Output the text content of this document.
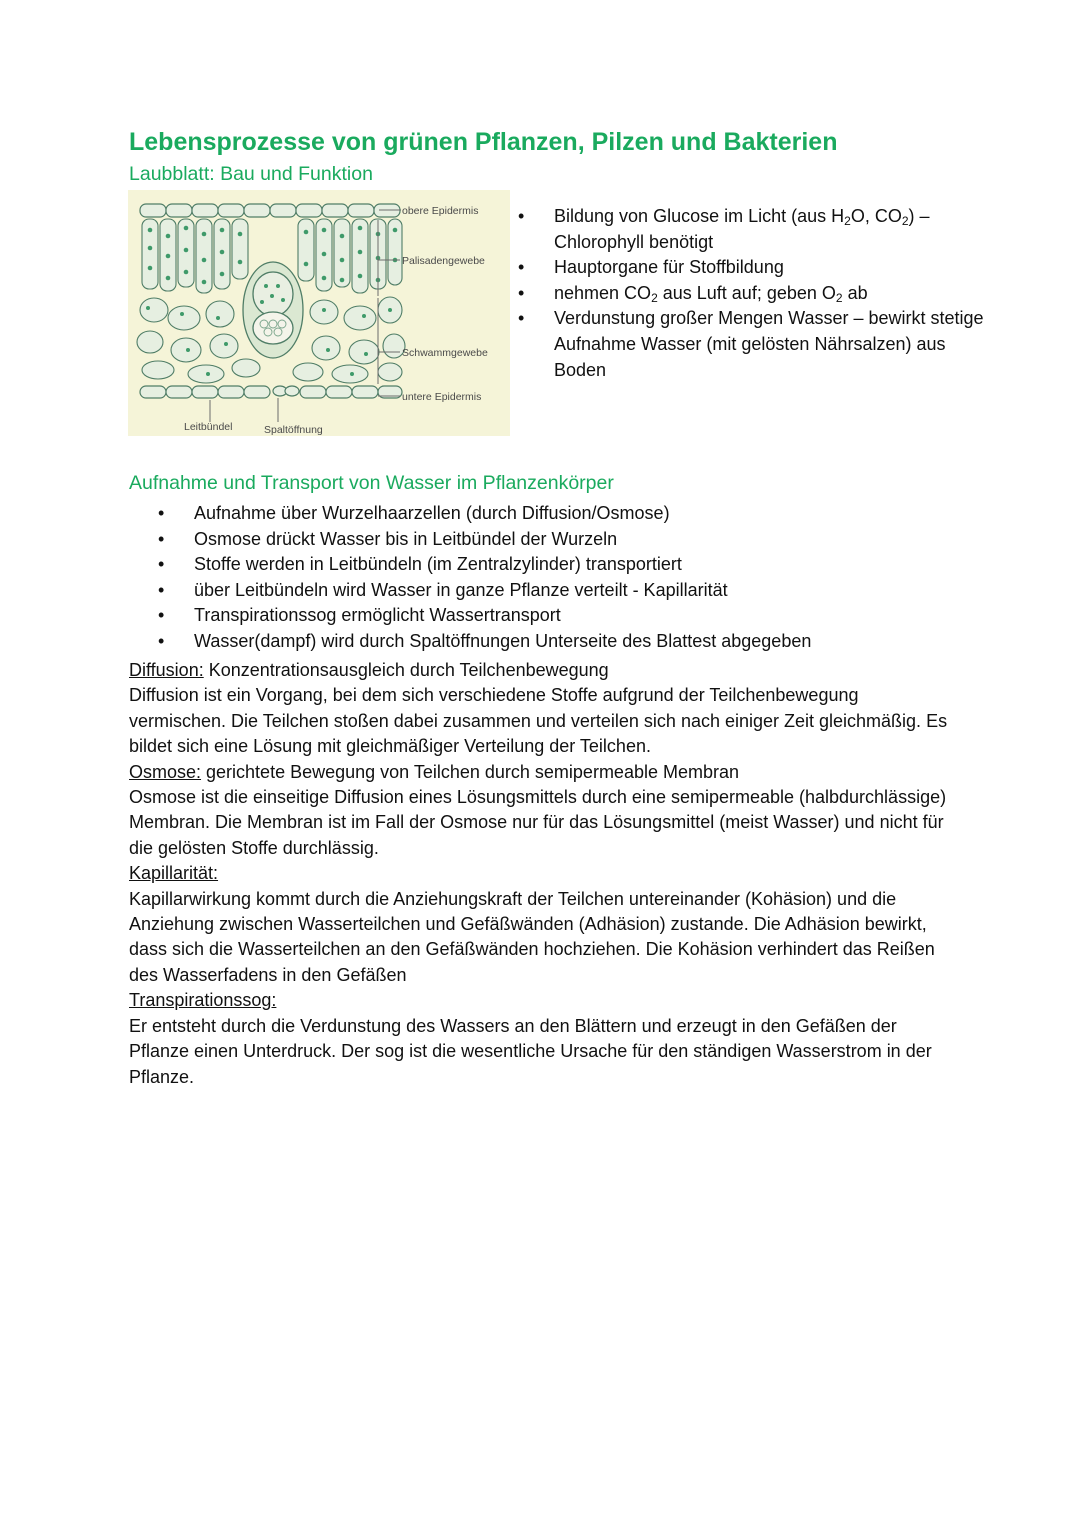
Lebensprozesse von grünen Pflanzen, Pilzen und Bakterien
Laubblatt: Bau und Funktion
obere Epidermis
Palisadengewebe
Schwammgewebe
untere Epidermis
Leitbündel	Spaltöffnung
• Bildung von Glucose im Licht (aus $H_2O$, $CO_2$) – Chlorophyll benötigt
• Hauptorgane für Stoffbildung
• nehmen $CO_2$ aus Luft auf; geben $O_2$ ab
• Verdunstung großer Mengen Wasser – bewirkt stetige Aufnahme Wasser (mit gelösten Nährsalzen) aus Boden
Aufnahme und Transport von Wasser im Pflanzenkörper
• Aufnahme über Wurzelhaarzellen (durch Diffusion/Osmose)
• Osmose drückt Wasser bis in Leitbündel der Wurzeln
• Stoffe werden in Leitbündeln (im Zentralzylinder) transportiert
• über Leitbündeln wird Wasser in ganze Pflanze verteilt - Kapillarität
• Transpirationssog ermöglicht Wassertransport
• Wasser(dampf) wird durch Spaltöffnungen Unterseite des Blattest abgegeben

Diffusion: Konzentrationsausgleich durch Teilchenbewegung

Diffusion ist ein Vorgang, bei dem sich verschiedene Stoffe aufgrund der Teilchenbewegung vermischen. Die Teilchen stoßen dabei zusammen und verteilen sich nach einiger Zeit gleichmäßig. Es bildet sich eine Lösung mit gleichmäßiger Verteilung der Teilchen.

Osmose: gerichtete Bewegung von Teilchen durch semipermeable Membran

Osmose ist die einseitige Diffusion eines Lösungsmittels durch eine semipermeable (halbdurchlässige) Membran. Die Membran ist im Fall der Osmose nur für das Lösungsmittel (meist Wasser) und nicht für die gelösten Stoffe durchlässig.

Kapillarität:

Kapillarwirkung kommt durch die Anziehungskraft der Teilchen untereinander (Kohäsion) und die Anziehung zwischen Wasserteilchen und Gefäßwänden (Adhäsion) zustande. Die Adhäsion bewirkt, dass sich die Wasserteilchen an den Gefäßwänden hochziehen. Die Kohäsion verhindert das Reißen des Wasserfadens in den Gefäßen

Transpirationssog:

Er entsteht durch die Verdunstung des Wassers an den Blättern und erzeugt in den Gefäßen der Pflanze einen Unterdruck. Der sog ist die wesentliche Ursache für den ständigen Wasserstrom in der Pflanze.
